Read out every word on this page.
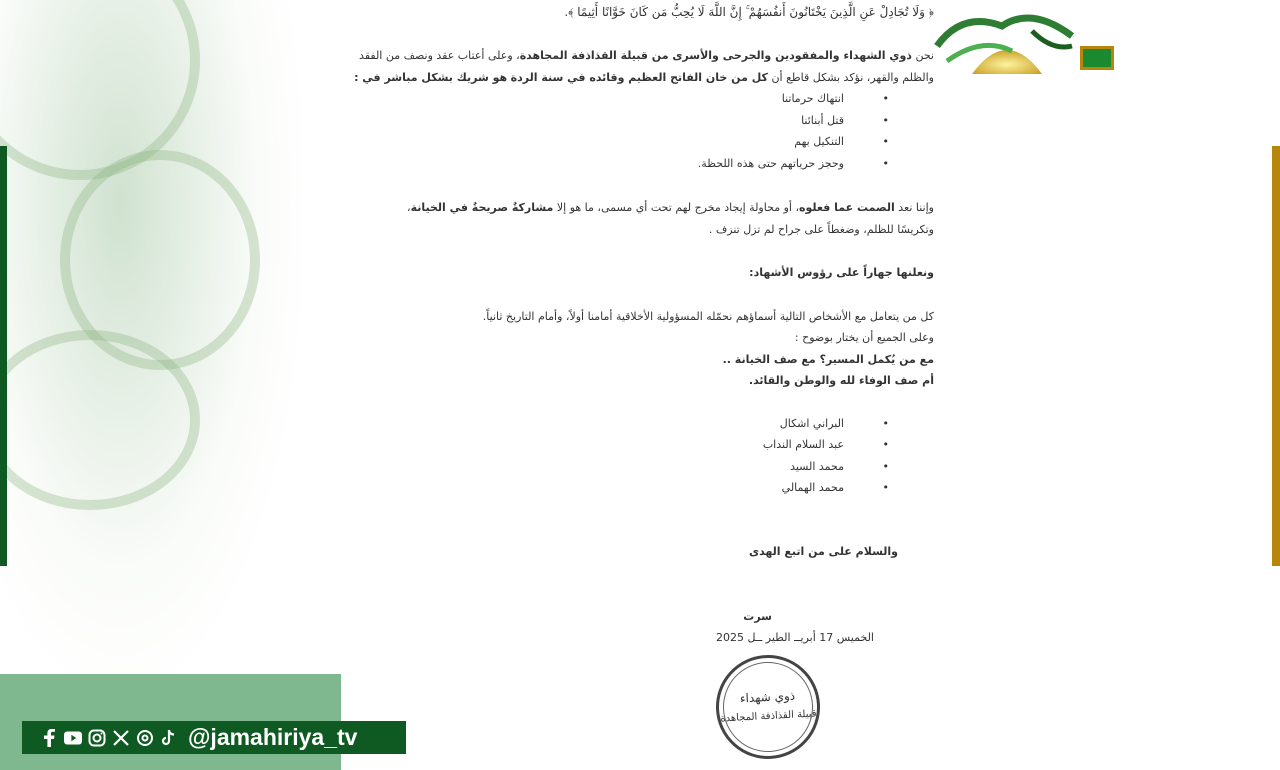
﴿ وَلَا تُجَادِلْ عَنِ الَّذِينَ يَخْتَانُونَ أَنفُسَهُمْ ۚ إِنَّ اللَّهَ لَا يُحِبُّ مَن كَانَ خَوَّانًا أَثِيمًا ﴾.
نحن ذوي الشهداء والمفقودين والجرحى والأسرى من قبيلة القذاذفة المجاهدة، وعلى أعتاب عقد ونصف من الفقد
والظلم والقهر، نؤكد بشكل قاطع أن كل من خان الفاتح العظيم وقائده في سنة الردة هو شريك بشكل مباشر في :
•
انتهاك حرماتنا
•
قتل أبنائنا
•
التنكيل بهم
•
وحجز حرياتهم حتى هذه اللحظة.
وإننا نعد الصمت عما فعلوه، أو محاولة إيجاد مخرج لهم تحت أي مسمى، ما هو إلا مشاركةٌ صريحةٌ في الخيانة،
وتكريسًا للظلم، وضغطاً على جراح لم تزل تنزف .
ونعلنها جهاراً على رؤوس الأشهاد:
كل من يتعامل مع الأشخاص التالية أسماؤهم نحمّله المسؤولية الأخلاقية أمامنا أولاً، وأمام التاريخ ثانياً.
وعلى الجميع أن يختار بوضوح :
مع من يُكمل المسير؟ مع صف الخيانة ..
أم صف الوفاء لله والوطن والقائد.
•
البراني اشكال
•
عبد السلام النداب
•
محمد السيد
•
محمد الهمالي
والسلام على من اتبع الهدى
سرت
الخميس 17 أبريــ الطير ــل 2025
ذوي شهداء
قبيلة القذاذفة المجاهدة
@jamahiriya_tv
